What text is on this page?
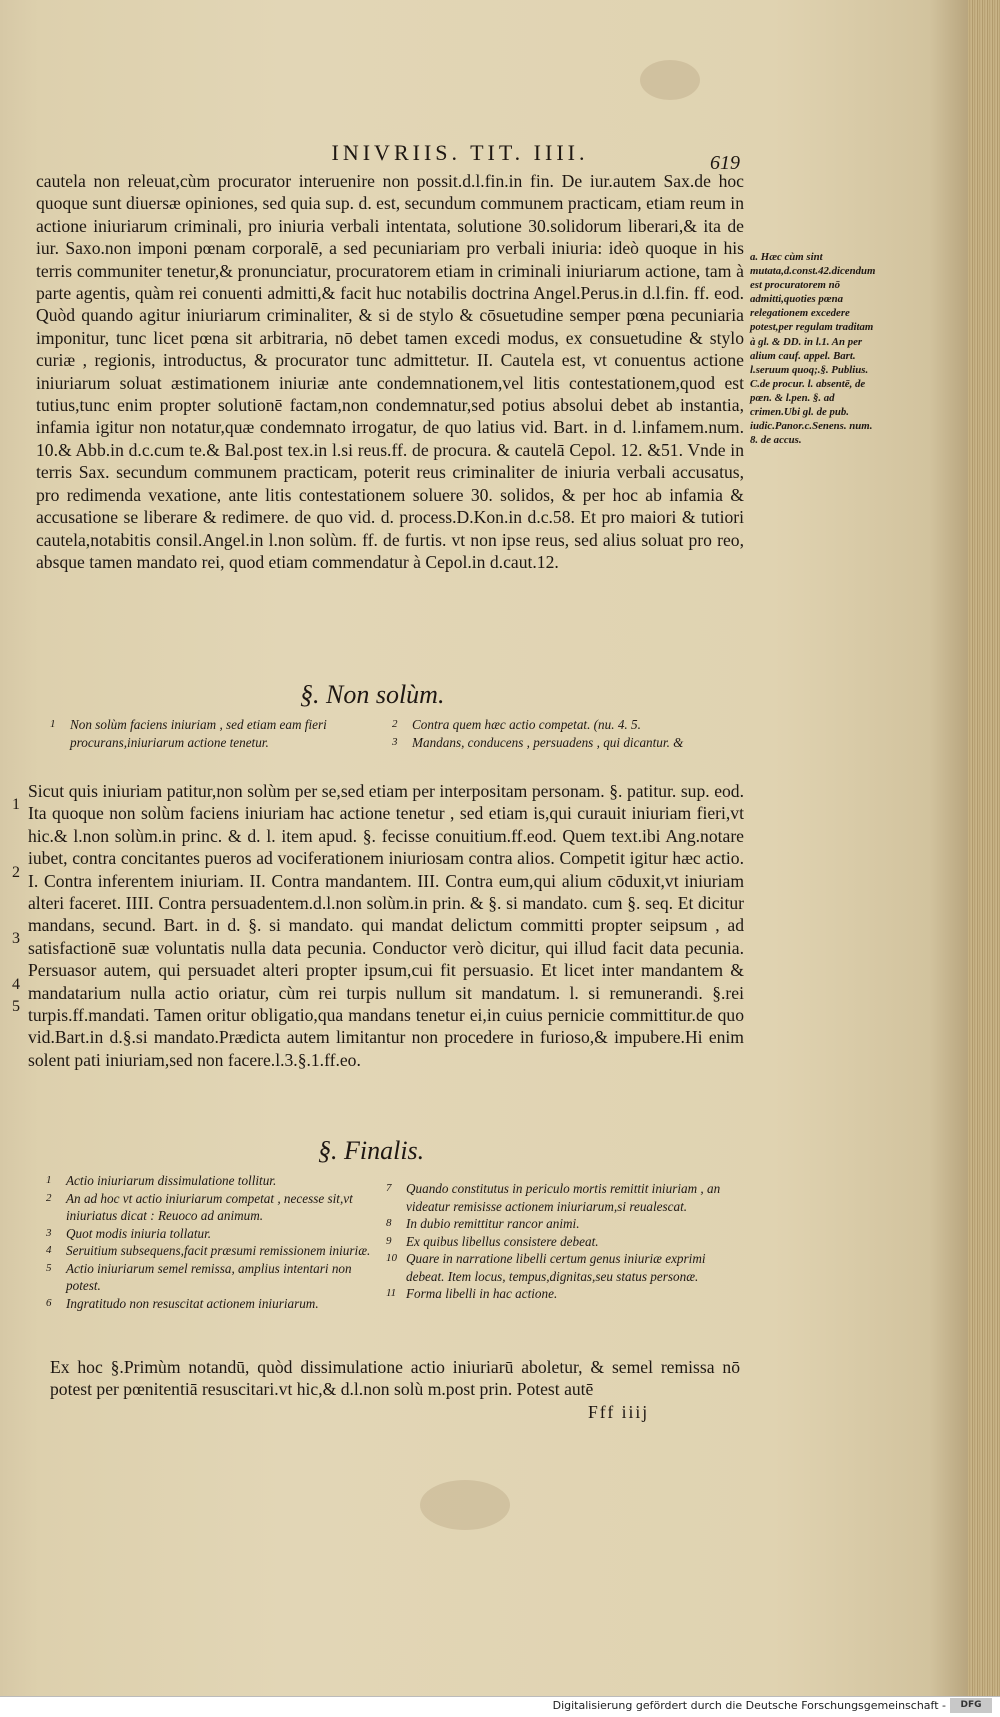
INIVRIIS. TIT. IIII.	619

cautela non releuat,cùm procurator interuenire non possit.d.l.fin.in fin. De iur.autem Sax.de hoc quoque sunt diuersæ opiniones, sed quia sup. d. est, secundum communem practicam, etiam reum in actione iniuriarum criminali, pro iniuria verbali intentata, solutione 30.solidorum liberari,& ita de iur. Saxo.non imponi pœnam corporalē, a sed pecuniariam pro verbali iniuria: ideò quoque in his terris communiter tenetur,& pronunciatur, procuratorem etiam in criminali iniuriarum actione, tam à parte agentis, quàm rei conuenti admitti,& facit huc notabilis doctrina Angel.Perus.in d.l.fin. ff. eod. Quòd quando agitur iniuriarum criminaliter, & si de stylo & cōsuetudine semper pœna pecuniaria imponitur, tunc licet pœna sit arbitraria, nō debet tamen excedi modus, ex consuetudine & stylo curiæ , regionis, introductus, & procurator tunc admittetur. II. Cautela est, vt conuentus actione iniuriarum soluat æstimationem iniuriæ ante condemnationem,vel litis contestationem,quod est tutius,tunc enim propter solutionē factam,non condemnatur,sed potius absolui debet ab instantia, infamia igitur non notatur,quæ condemnato irrogatur, de quo latius vid. Bart. in d. l.infamem.num. 10.& Abb.in d.c.cum te.& Bal.post tex.in l.si reus.ff. de procura. & cautelā Cepol. 12. &51. Vnde in terris Sax. secundum communem practicam, poterit reus criminaliter de iniuria verbali accusatus, pro redimenda vexatione, ante litis contestationem soluere 30. solidos, & per hoc ab infamia & accusatione se liberare & redimere. de quo vid. d. process.D.Kon.in d.c.58. Et pro maiori & tutiori cautela,notabitis consil.Angel.in l.non solùm. ff. de furtis. vt non ipse reus, sed alius soluat pro reo, absque tamen mandato rei, quod etiam commendatur à Cepol.in d.caut.12.

a. Hæc cùm sint mutata,d.const.42.dicendum est procuratorem nō admitti,quoties pœna relegationem excedere potest,per regulam traditam à gl. & DD. in l.1. An per alium cauf. appel. Bart. l.seruum quoq;.§. Publius. C.de procur. l. absentē, de pœn. & l.pen. §. ad crimen.Ubi gl. de pub. iudic.Panor.c.Senens. num. 8. de accus.
§. Non solùm.
1	Non solùm faciens iniuriam , sed etiam eam fieri procurans,iniuriarum actione tenetur.
2	Contra quem hæc actio competat. (nu. 4. 5.
3	Mandans, conducens , persuadens , qui dicantur. &
Sicut quis iniuriam patitur,non solùm per se,sed etiam per interpositam personam. §. patitur. sup. eod. Ita quoque non solùm faciens iniuriam hac actione tenetur , sed etiam is,qui curauit iniuriam fieri,vt hic.& l.non solùm.in princ. & d. l. item apud. §. fecisse conuitium.ff.eod. Quem text.ibi Ang.notare iubet, contra concitantes pueros ad vociferationem iniuriosam contra alios. Competit igitur hæc actio. I. Contra inferentem iniuriam. II. Contra mandantem. III. Contra eum,qui alium cōduxit,vt iniuriam alteri faceret. IIII. Contra persuadentem.d.l.non solùm.in prin. & §. si mandato. cum §. seq. Et dicitur mandans, secund. Bart. in d. §. si mandato. qui mandat delictum committi propter seipsum , ad satisfactionē suæ voluntatis nulla data pecunia. Conductor verò dicitur, qui illud facit data pecunia. Persuasor autem, qui persuadet alteri propter ipsum,cui fit persuasio. Et licet inter mandantem & mandatarium nulla actio oriatur, cùm rei turpis nullum sit mandatum. l. si remunerandi. §.rei turpis.ff.mandati. Tamen oritur obligatio,qua mandans tenetur ei,in cuius pernicie committitur.de quo vid.Bart.in d.§.si mandato.Prædicta autem limitantur non procedere in furioso,& impubere.Hi enim solent pati iniuriam,sed non facere.l.3.§.1.ff.eo.
1
2
3
4
5
§. Finalis.
1	Actio iniuriarum dissimulatione tollitur.
2	An ad hoc vt actio iniuriarum competat , necesse sit,vt iniuriatus dicat : Reuoco ad animum.
3	Quot modis iniuria tollatur.
4	Seruitium subsequens,facit præsumi remissionem iniuriæ.
5	Actio iniuriarum semel remissa, amplius intentari non potest.
6	Ingratitudo non resuscitat actionem iniuriarum.
7	Quando constitutus in periculo mortis remittit iniuriam , an videatur remisisse actionem iniuriarum,si reualescat.
8	In dubio remittitur rancor animi.
9	Ex quibus libellus consistere debeat.
10 Quare in narratione libelli certum genus iniuriæ exprimi debeat. Item locus, tempus,dignitas,seu status personæ.
11 Forma libelli in hac actione.
Ex hoc §.Primùm notandū, quòd dissimulatione actio iniuriarū aboletur, & semel remissa nō potest per pœnitentiā resuscitari.vt hic,& d.l.non solù m.post prin. Potest autē
Fff iiij
Digitalisierung gefördert durch die Deutsche Forschungsgemeinschaft -	DFG
